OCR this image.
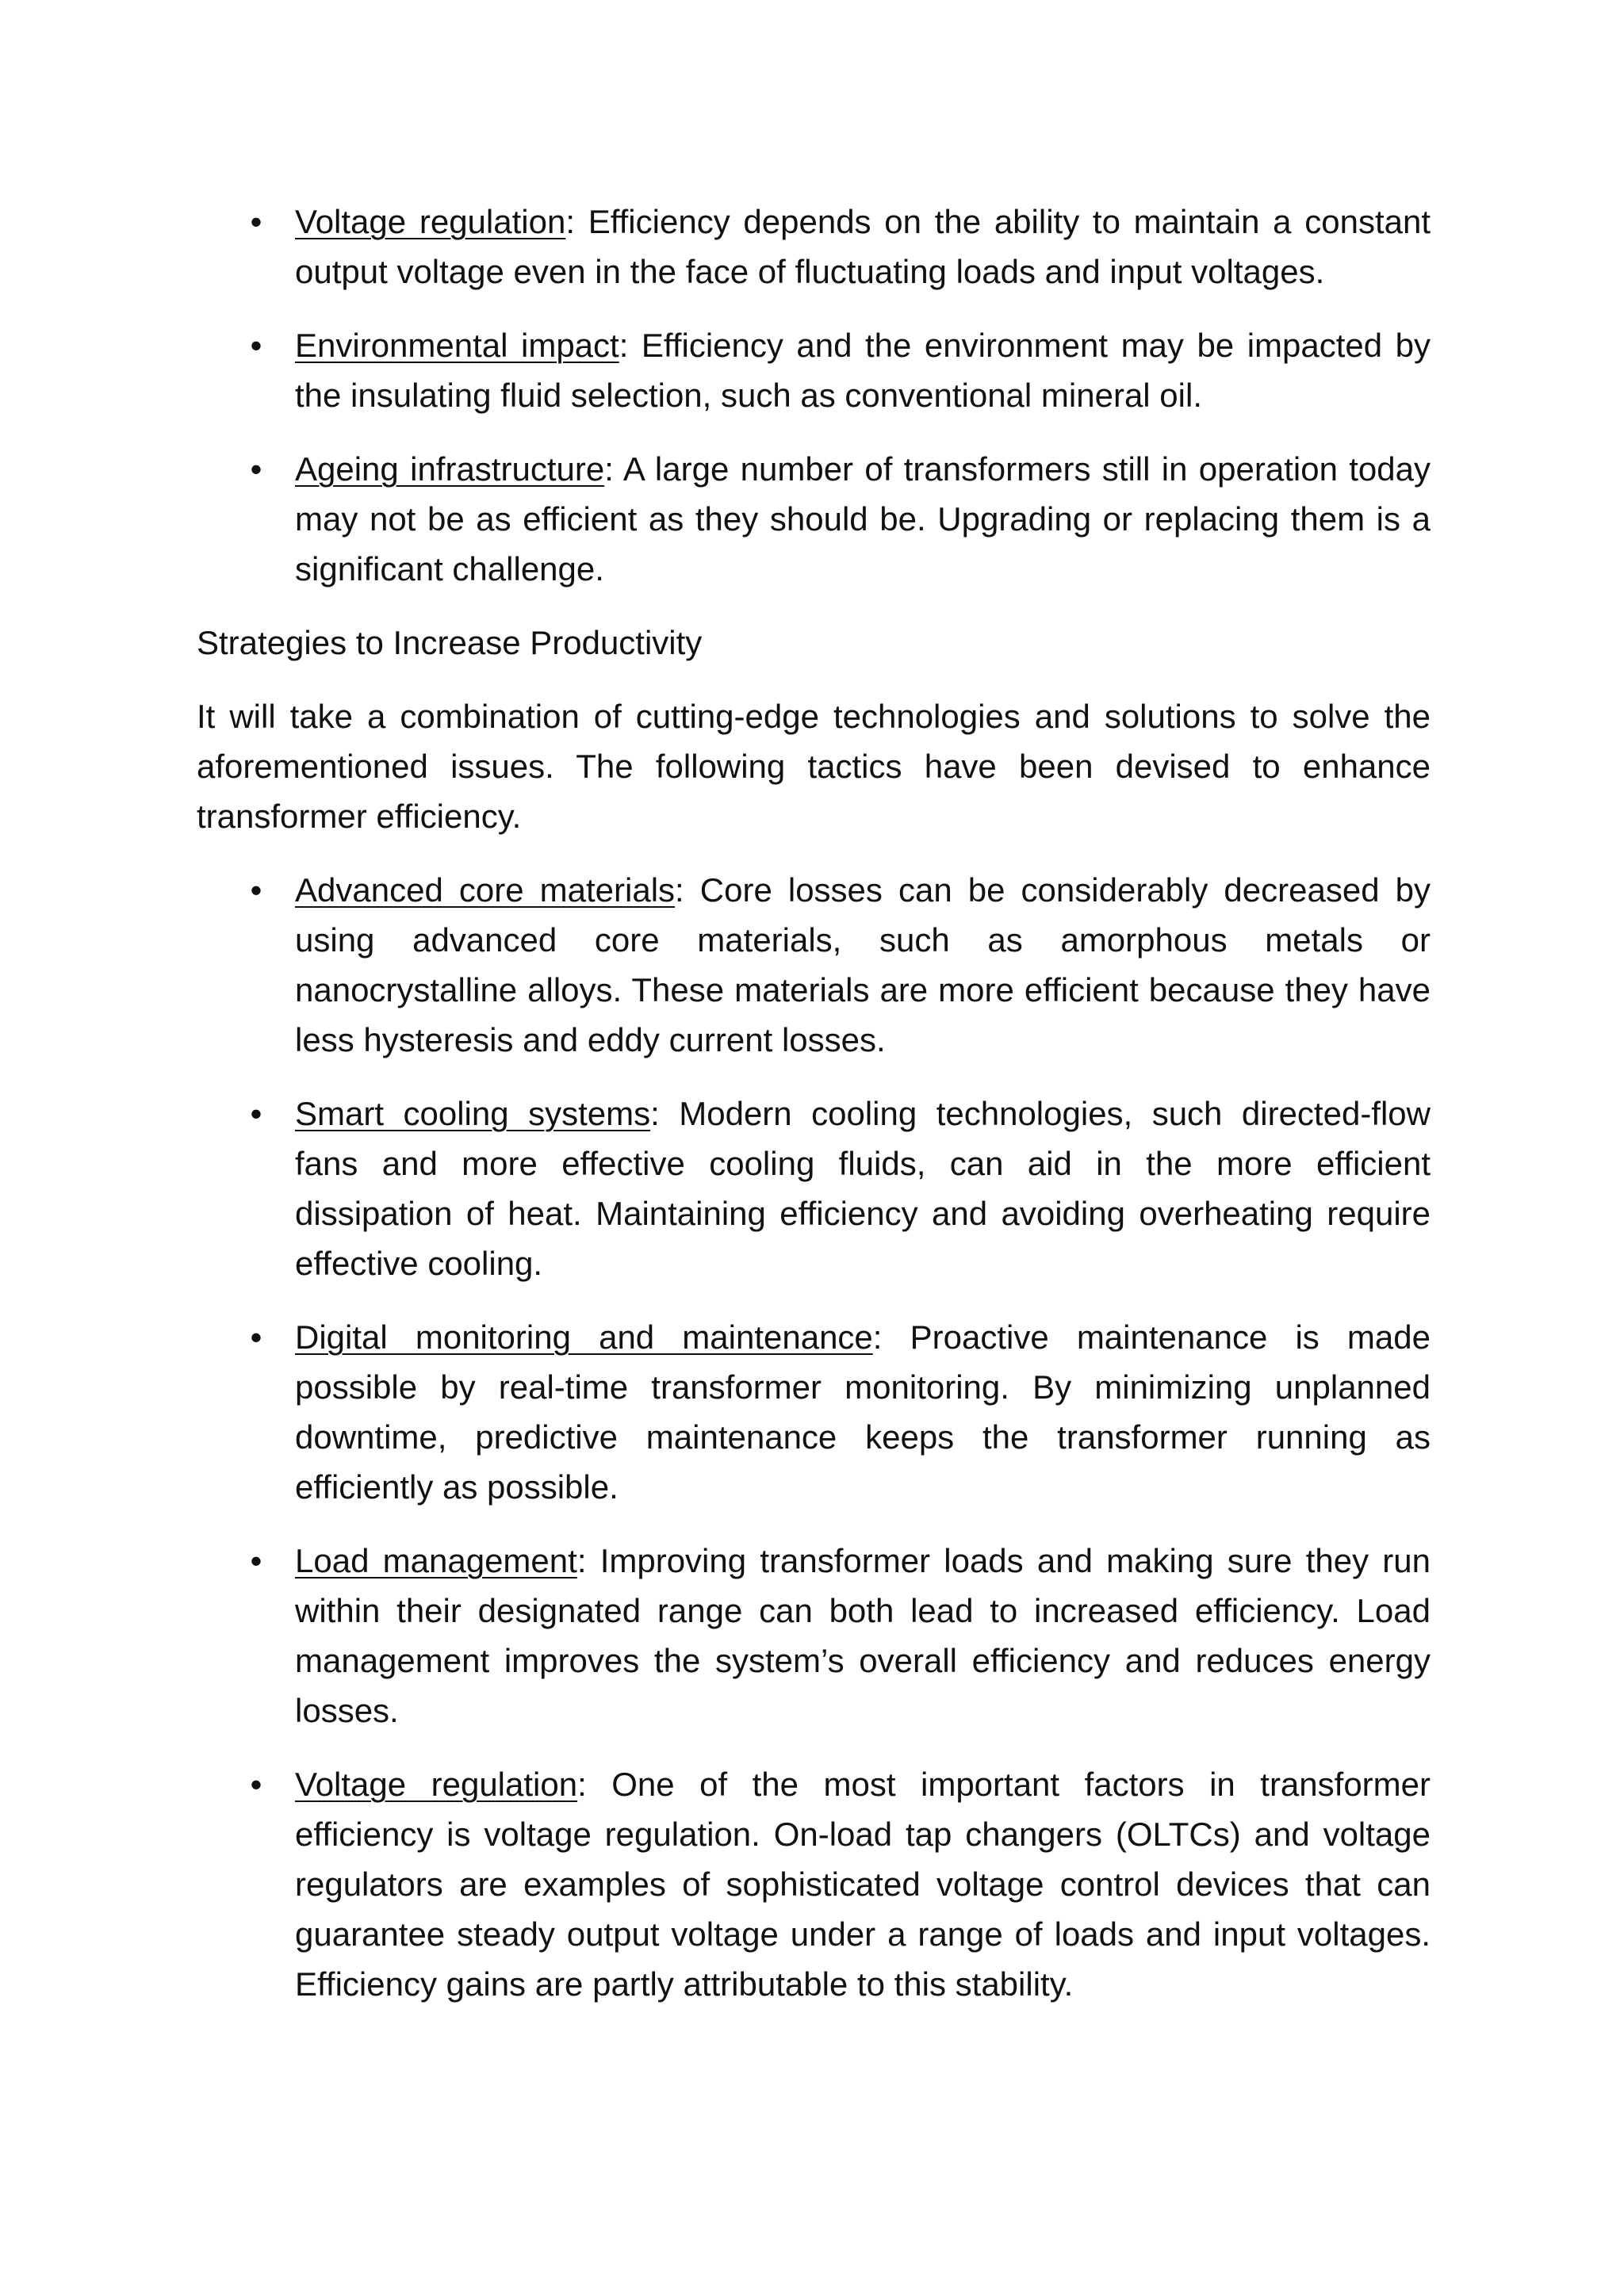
• Voltage regulation: Efficiency depends on the ability to maintain a constant output voltage even in the face of fluctuating loads and input voltages.
• Environmental impact: Efficiency and the environment may be impacted by the insulating fluid selection, such as conventional mineral oil.
• Ageing infrastructure: A large number of transformers still in operation today may not be as efficient as they should be. Upgrading or replacing them is a significant challenge.
Strategies to Increase Productivity

It will take a combination of cutting-edge technologies and solutions to solve the aforementioned issues. The following tactics have been devised to enhance transformer efficiency.

• Advanced core materials: Core losses can be considerably decreased by using advanced core materials, such as amorphous metals or nanocrystalline alloys. These materials are more efficient because they have less hysteresis and eddy current losses.
• Smart cooling systems: Modern cooling technologies, such directed-flow fans and more effective cooling fluids, can aid in the more efficient dissipation of heat. Maintaining efficiency and avoiding overheating require effective cooling.
• Digital monitoring and maintenance: Proactive maintenance is made possible by real-time transformer monitoring. By minimizing unplanned downtime, predictive maintenance keeps the transformer running as efficiently as possible.
• Load management: Improving transformer loads and making sure they run within their designated range can both lead to increased efficiency. Load management improves the system’s overall efficiency and reduces energy losses.
• Voltage regulation: One of the most important factors in transformer efficiency is voltage regulation. On-load tap changers (OLTCs) and voltage regulators are examples of sophisticated voltage control devices that can guarantee steady output voltage under a range of loads and input voltages. Efficiency gains are partly attributable to this stability.
